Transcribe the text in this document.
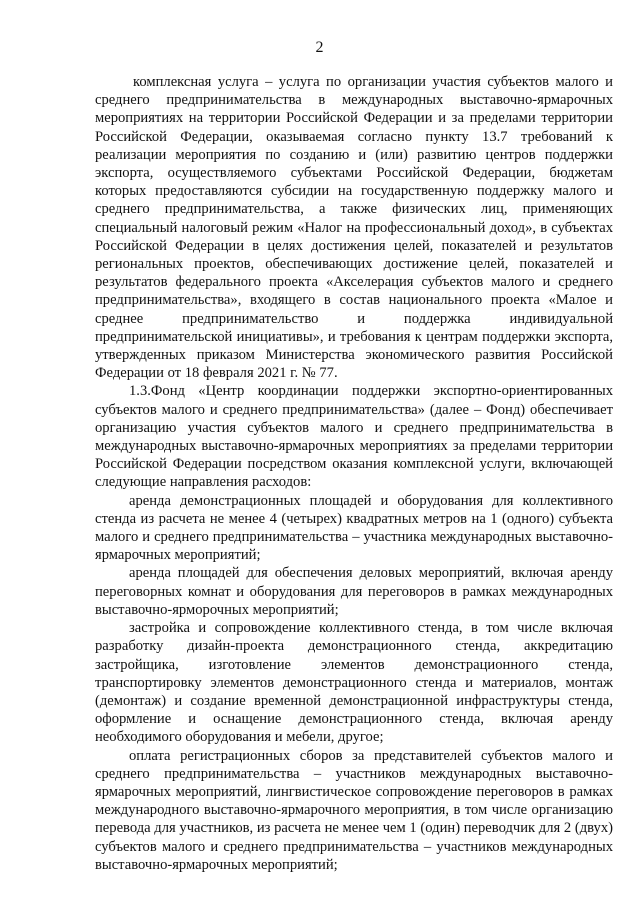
2

комплексная услуга – услуга по организации участия субъектов малого и среднего предпринимательства в международных выставочно-ярмарочных мероприятиях на территории Российской Федерации и за пределами территории Российской Федерации, оказываемая согласно пункту 13.7 требований к реализации мероприятия по созданию и (или) развитию центров поддержки экспорта, осуществляемого субъектами Российской Федерации, бюджетам которых предоставляются субсидии на государственную поддержку малого и среднего предпринимательства, а также физических лиц, применяющих специальный налоговый режим «Налог на профессиональный доход», в субъектах Российской Федерации в целях достижения целей, показателей и результатов региональных проектов, обеспечивающих достижение целей, показателей и результатов федерального проекта «Акселерация субъектов малого и среднего предпринимательства», входящего в состав национального проекта «Малое и среднее предпринимательство и поддержка индивидуальной предпринимательской инициативы», и требования к центрам поддержки экспорта, утвержденных приказом Министерства экономического развития Российской Федерации от 18 февраля 2021 г. № 77.

1.3.Фонд «Центр координации поддержки экспортно-ориентированных субъектов малого и среднего предпринимательства» (далее – Фонд) обеспечивает организацию участия субъектов малого и среднего предпринимательства в международных выставочно-ярмарочных мероприятиях за пределами территории Российской Федерации посредством оказания комплексной услуги, включающей следующие направления расходов:

аренда демонстрационных площадей и оборудования для коллективного стенда из расчета не менее 4 (четырех) квадратных метров на 1 (одного) субъекта малого и среднего предпринимательства – участника международных выставочно-ярмарочных мероприятий;

аренда площадей для обеспечения деловых мероприятий, включая аренду переговорных комнат и оборудования для переговоров в рамках международных выставочно-ярморочных мероприятий;

застройка и сопровождение коллективного стенда, в том числе включая разработку дизайн-проекта демонстрационного стенда, аккредитацию застройщика, изготовление элементов демонстрационного стенда, транспортировку элементов демонстрационного стенда и материалов, монтаж (демонтаж) и создание временной демонстрационной инфраструктуры стенда, оформление и оснащение демонстрационного стенда, включая аренду необходимого оборудования и мебели, другое;

оплата регистрационных сборов за представителей субъектов малого и среднего предпринимательства – участников международных выставочно-ярмарочных мероприятий, лингвистическое сопровождение переговоров в рамках международного выставочно-ярмарочного мероприятия, в том числе организацию перевода для участников, из расчета не менее чем 1 (один) переводчик для 2 (двух) субъектов малого и среднего предпринимательства – участников международных выставочно-ярмарочных мероприятий;
